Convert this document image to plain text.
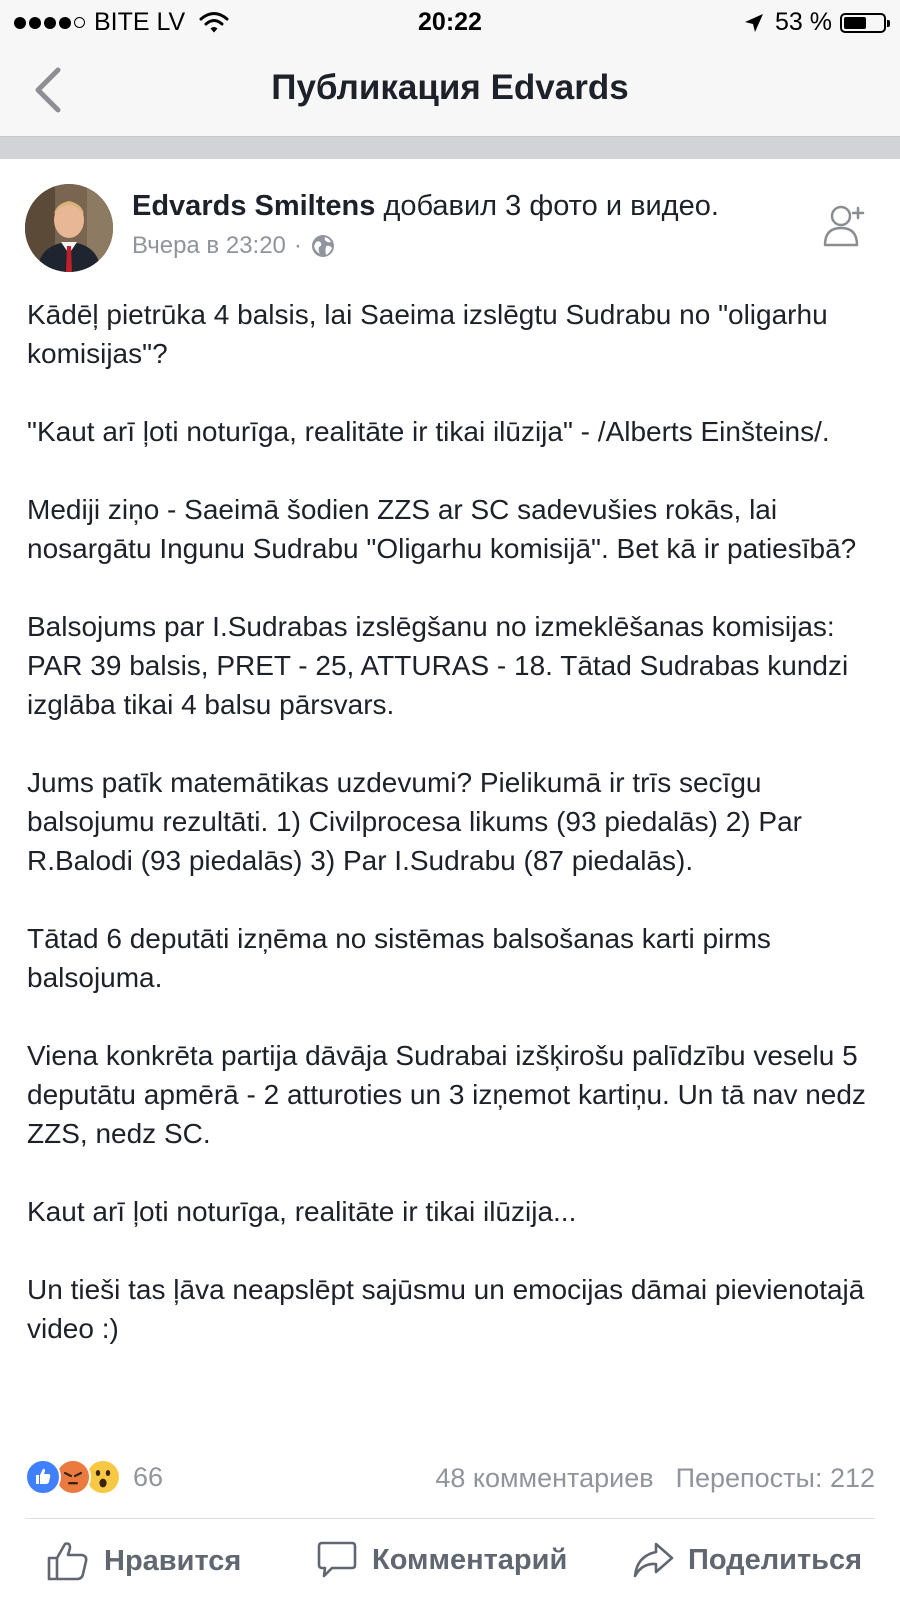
BITE LV	20:22	53 %
Публикация Edvards
Edvards Smiltens добавил 3 фото и видео.
Вчера в 23:20 ·

Kādēļ pietrūka 4 balsis, lai Saeima izslēgtu Sudrabu no "oligarhu komisijas"?

"Kaut arī ļoti noturīga, realitāte ir tikai ilūzija" - /Alberts Einšteins/.

Mediji ziņo - Saeimā šodien ZZS ar SC sadevušies rokās, lai nosargātu Ingunu Sudrabu "Oligarhu komisijā". Bet kā ir patiesībā?

Balsojums par I.Sudrabas izslēgšanu no izmeklēšanas komisijas: PAR 39 balsis, PRET - 25, ATTURAS - 18. Tātad Sudrabas kundzi izglāba tikai 4 balsu pārsvars.

Jums patīk matemātikas uzdevumi? Pielikumā ir trīs secīgu balsojumu rezultāti. 1) Civilprocesa likums (93 piedalās) 2) Par R.Balodi (93 piedalās) 3) Par I.Sudrabu (87 piedalās).

Tātad 6 deputāti izņēma no sistēmas balsošanas karti pirms balsojuma.

Viena konkrēta partija dāvāja Sudrabai izšķirošu palīdzību veselu 5 deputātu apmērā - 2 atturoties un 3 izņemot kartiņu. Un tā nav nedz ZZS, nedz SC.

Kaut arī ļoti noturīga, realitāte ir tikai ilūzija...

Un tieši tas ļāva neapslēpt sajūsmu un emocijas dāmai pievienotajā video :)

66	48 комментариев Перепосты: 212
Нравится	Комментарий	Поделиться
